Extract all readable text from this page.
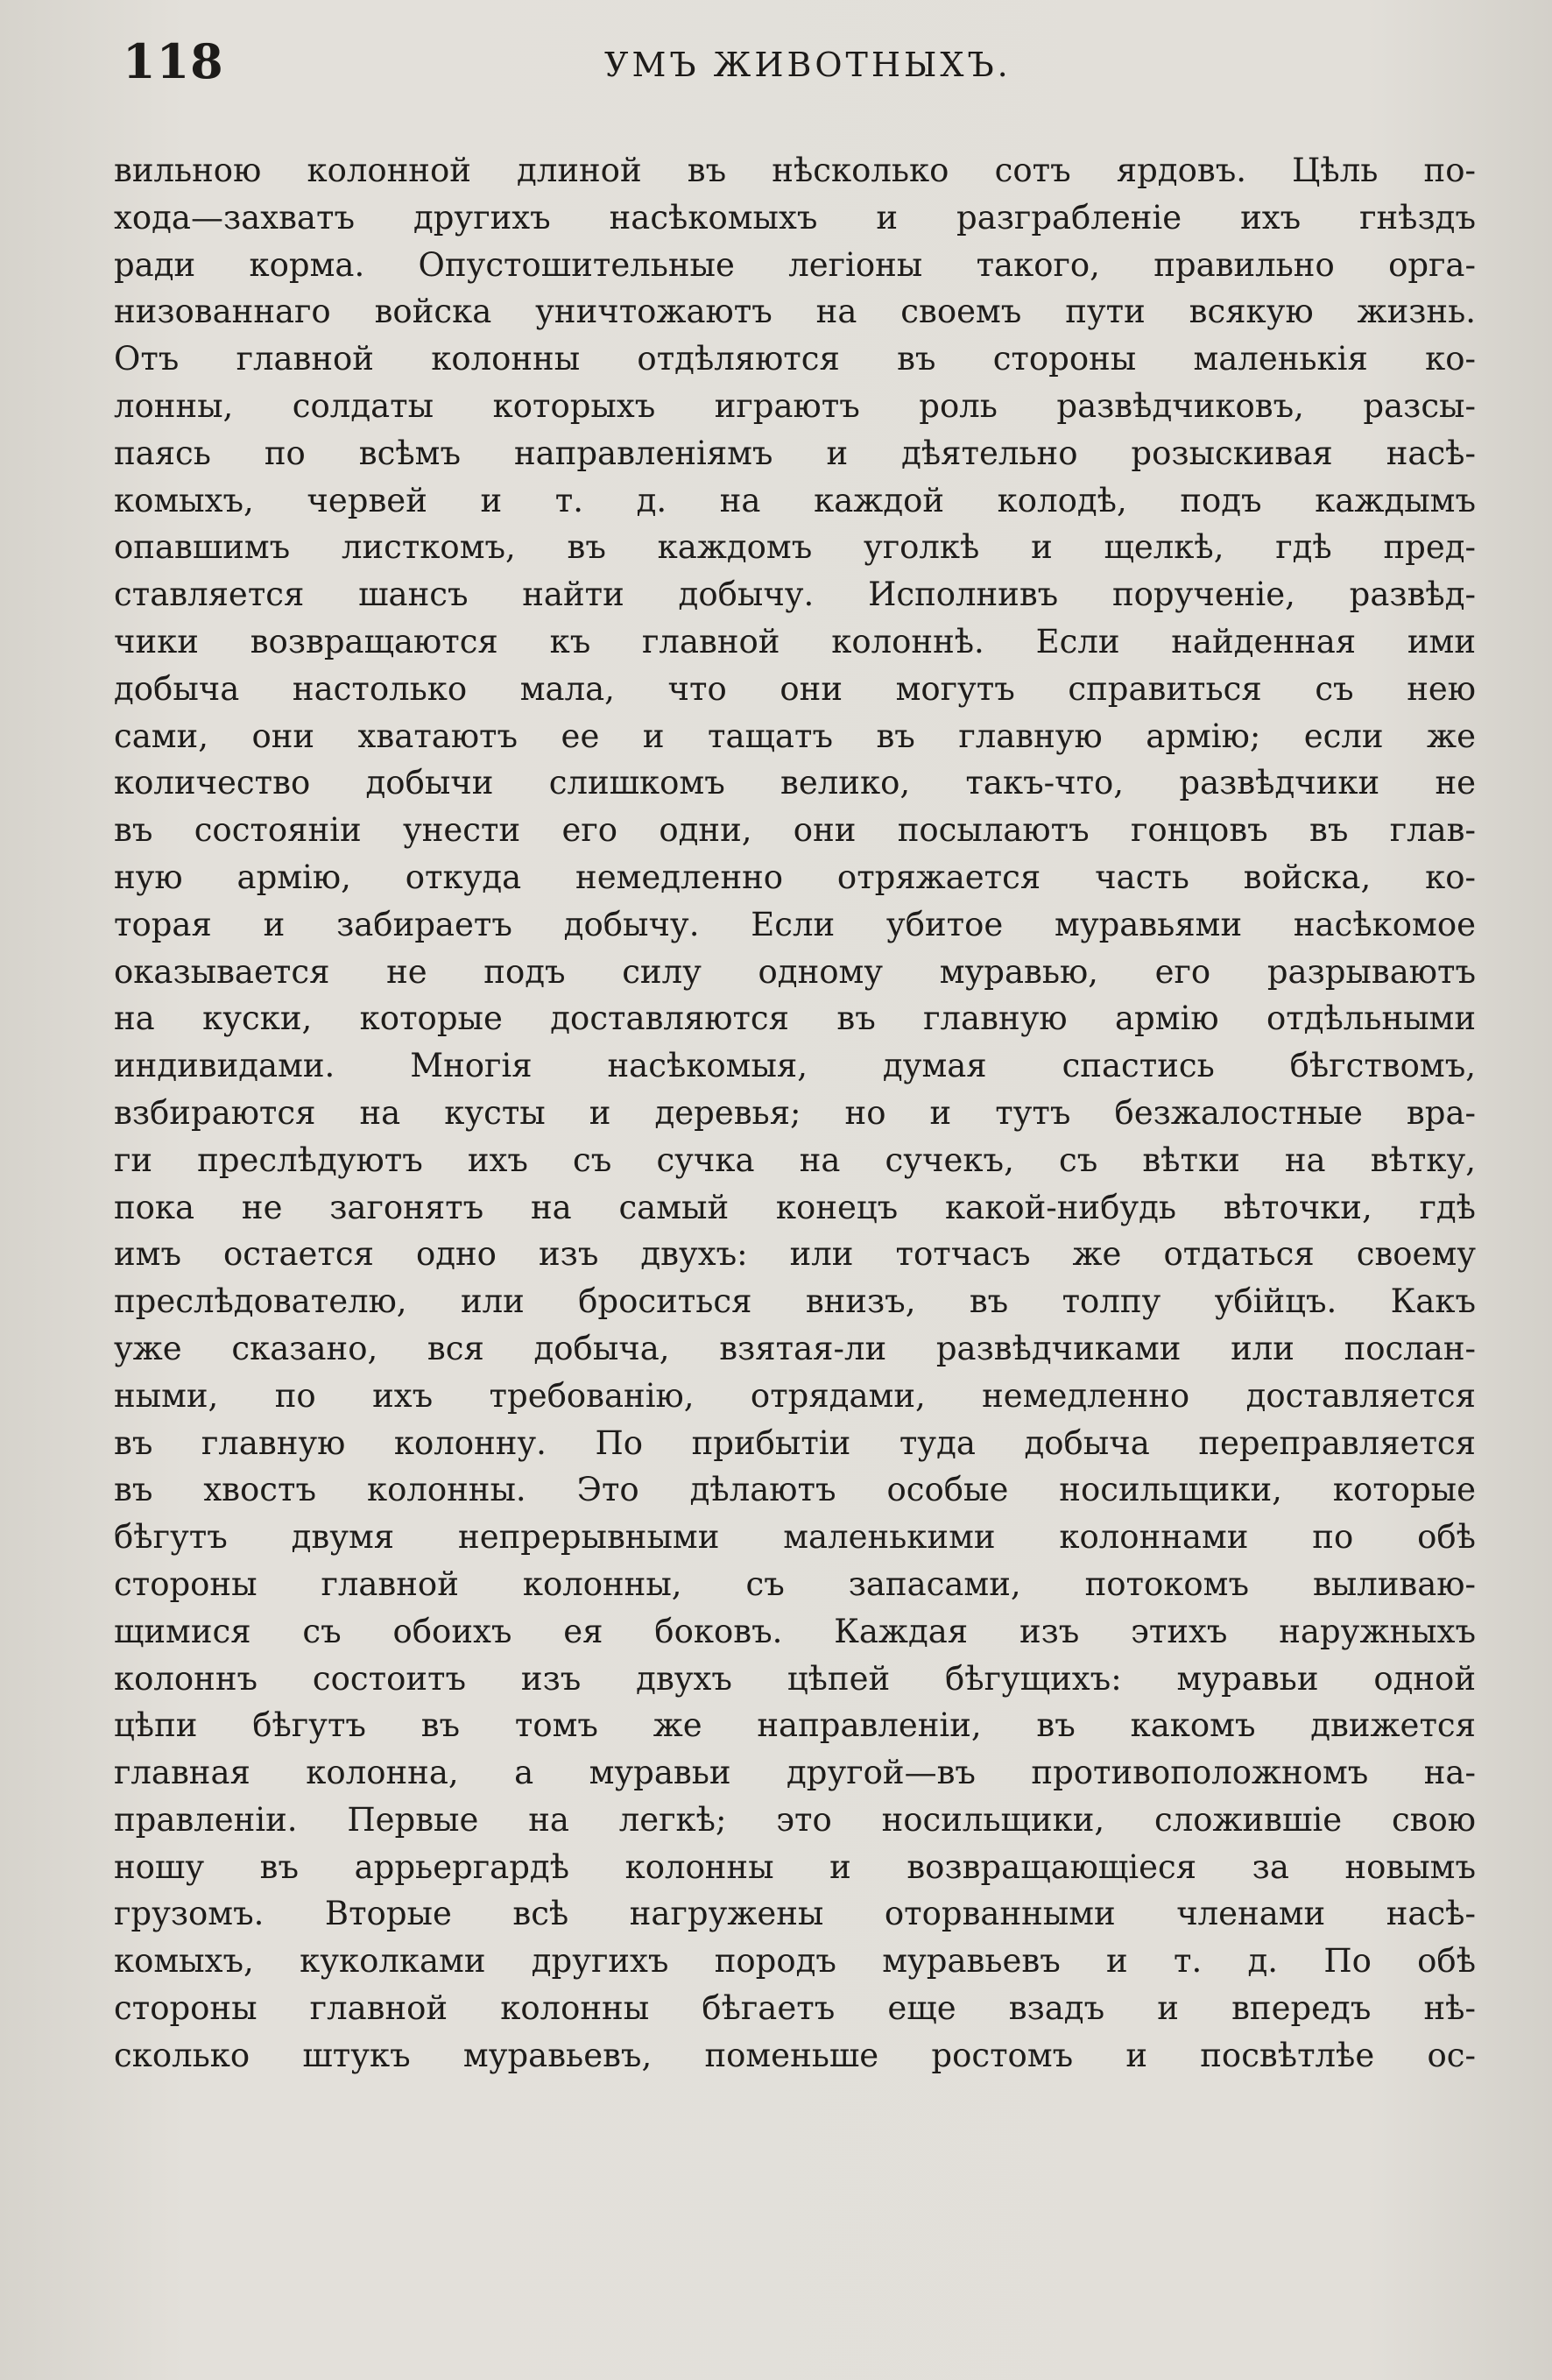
118	УМЪ ЖИВОТНЫХЪ.
вильною колонной длиной въ нѣсколько сотъ ярдовъ. Цѣль по-
хода—захватъ другихъ насѣкомыхъ и разграбленіе ихъ гнѣздъ
ради корма. Опустошительные легіоны такого, правильно орга-
низованнаго войска уничтожаютъ на своемъ пути всякую жизнь.
Отъ главной колонны отдѣляются въ стороны маленькія ко-
лонны, солдаты которыхъ играютъ роль развѣдчиковъ, разсы-
паясь по всѣмъ направленіямъ и дѣятельно розыскивая насѣ-
комыхъ, червей и т. д. на каждой колодѣ, подъ каждымъ
опавшимъ листкомъ, въ каждомъ уголкѣ и щелкѣ, гдѣ пред-
ставляется шансъ найти добычу. Исполнивъ порученіе, развѣд-
чики возвращаются къ главной колоннѣ. Если найденная ими
добыча настолько мала, что они могутъ справиться съ нею
сами, они хватаютъ ее и тащатъ въ главную армію; если же
количество добычи слишкомъ велико, такъ-что, развѣдчики не
въ состояніи унести его одни, они посылаютъ гонцовъ въ глав-
ную армію, откуда немедленно отряжается часть войска, ко-
торая и забираетъ добычу. Если убитое муравьями насѣкомое
оказывается не подъ силу одному муравью, его разрываютъ
на куски, которые доставляются въ главную армію отдѣльными
индивидами. Многія насѣкомыя, думая спастись бѣгствомъ,
взбираются на кусты и деревья; но и тутъ безжалостные вра-
ги преслѣдуютъ ихъ съ сучка на сучекъ, съ вѣтки на вѣтку,
пока не загонятъ на самый конецъ какой-нибудь вѣточки, гдѣ
имъ остается одно изъ двухъ: или тотчасъ же отдаться своему
преслѣдователю, или броситься внизъ, въ толпу убійцъ. Какъ
уже сказано, вся добыча, взятая-ли развѣдчиками или послан-
ными, по ихъ требованію, отрядами, немедленно доставляется
въ главную колонну. По прибытіи туда добыча переправляется
въ хвостъ колонны. Это дѣлаютъ особые носильщики, которые
бѣгутъ двумя непрерывными маленькими колоннами по обѣ
стороны главной колонны, съ запасами, потокомъ выливаю-
щимися съ обоихъ ея боковъ. Каждая изъ этихъ наружныхъ
колоннъ состоитъ изъ двухъ цѣпей бѣгущихъ: муравьи одной
цѣпи бѣгутъ въ томъ же направленіи, въ какомъ движется
главная колонна, а муравьи другой—въ противоположномъ на-
правленіи. Первые на легкѣ; это носильщики, сложившіе свою
ношу въ аррьергардѣ колонны и возвращающіеся за новымъ
грузомъ. Вторые всѣ нагружены оторванными членами насѣ-
комыхъ, куколками другихъ породъ муравьевъ и т. д. По обѣ
стороны главной колонны бѣгаетъ еще взадъ и впередъ нѣ-
сколько штукъ муравьевъ, поменьше ростомъ и посвѣтлѣе ос-
